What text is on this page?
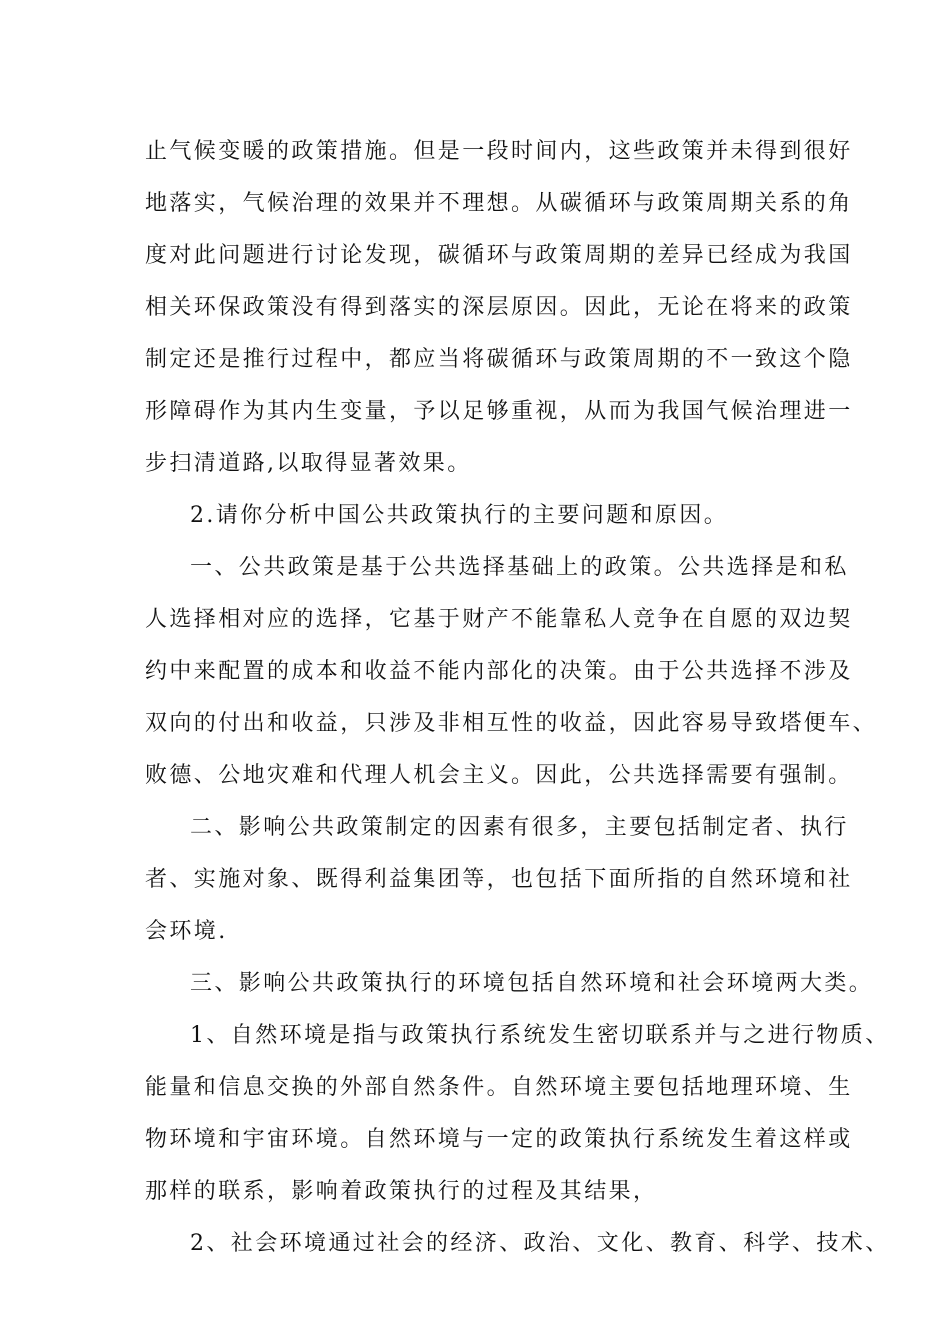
止气候变暖的政策措施。但是一段时间内，这些政策并未得到很好
地落实，气候治理的效果并不理想。从碳循环与政策周期关系的角
度对此问题进行讨论发现，碳循环与政策周期的差异已经成为我国
相关环保政策没有得到落实的深层原因。因此，无论在将来的政策
制定还是推行过程中，都应当将碳循环与政策周期的不一致这个隐
形障碍作为其内生变量，予以足够重视，从而为我国气候治理进一
步扫清道路,以取得显著效果。
2.请你分析中国公共政策执行的主要问题和原因。
一、公共政策是基于公共选择基础上的政策。公共选择是和私
人选择相对应的选择，它基于财产不能靠私人竞争在自愿的双边契
约中来配置的成本和收益不能内部化的决策。由于公共选择不涉及
双向的付出和收益，只涉及非相互性的收益，因此容易导致塔便车、
败德、公地灾难和代理人机会主义。因此，公共选择需要有强制。
二、影响公共政策制定的因素有很多，主要包括制定者、执行
者、实施对象、既得利益集团等，也包括下面所指的自然环境和社
会环境.
三、影响公共政策执行的环境包括自然环境和社会环境两大类。
1、自然环境是指与政策执行系统发生密切联系并与之进行物质、
能量和信息交换的外部自然条件。自然环境主要包括地理环境、生
物环境和宇宙环境。自然环境与一定的政策执行系统发生着这样或
那样的联系，影响着政策执行的过程及其结果，
2、社会环境通过社会的经济、政治、文化、教育、科学、技术、
